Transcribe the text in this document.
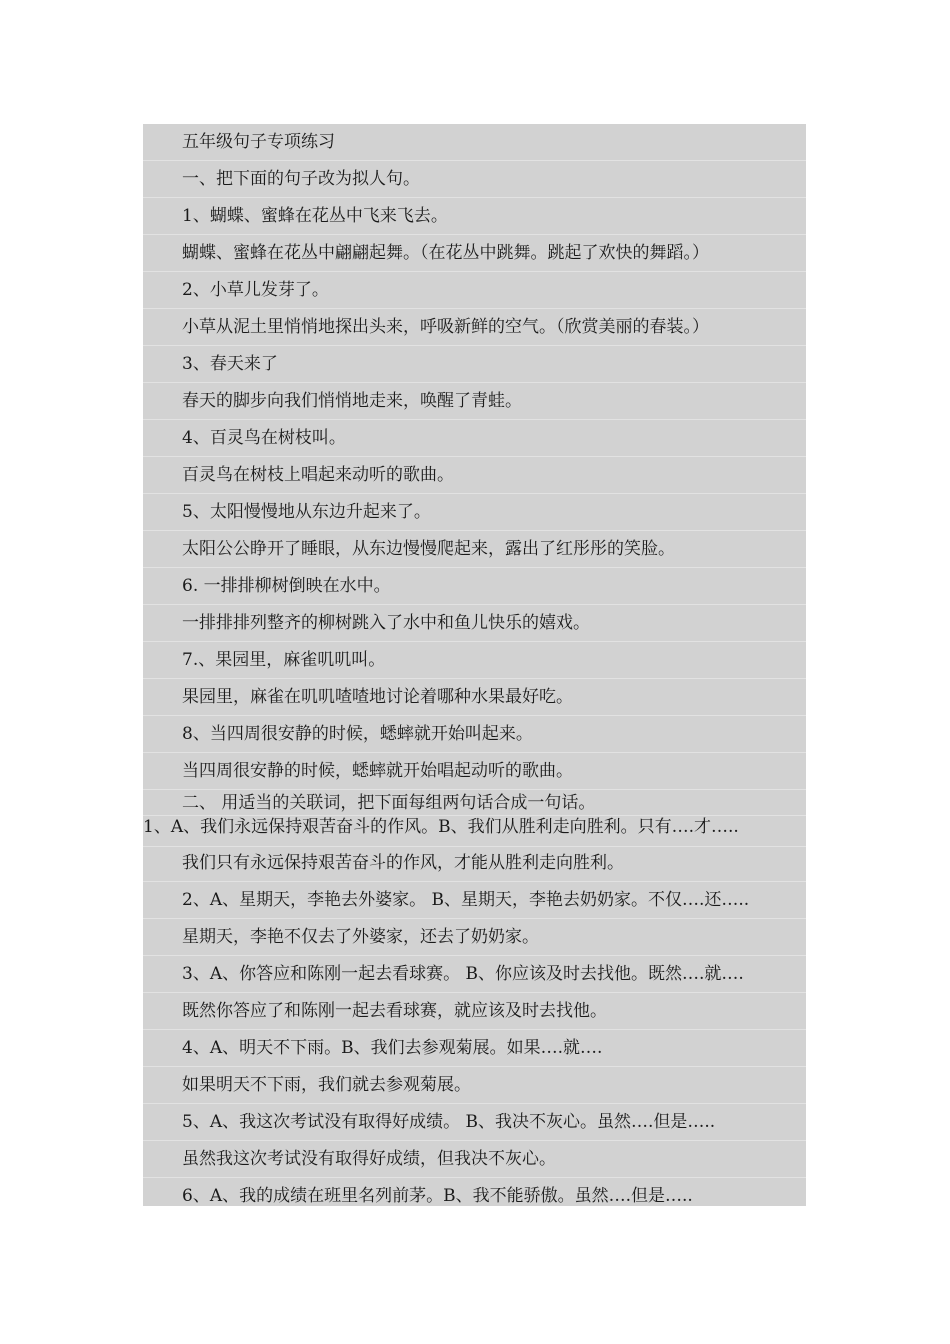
五年级句子专项练习
一、把下面的句子改为拟人句。
1、蝴蝶、蜜蜂在花丛中飞来飞去。
蝴蝶、蜜蜂在花丛中翩翩起舞。（在花丛中跳舞。跳起了欢快的舞蹈。）
2、小草儿发芽了。
小草从泥土里悄悄地探出头来，呼吸新鲜的空气。（欣赏美丽的春装。）
3、春天来了
春天的脚步向我们悄悄地走来，唤醒了青蛙。
4、百灵鸟在树枝叫。
百灵鸟在树枝上唱起来动听的歌曲。
5、太阳慢慢地从东边升起来了。
太阳公公睁开了睡眼，从东边慢慢爬起来，露出了红彤彤的笑脸。
6. 一排排柳树倒映在水中。
一排排排列整齐的柳树跳入了水中和鱼儿快乐的嬉戏。
7.、果园里，麻雀叽叽叫。
果园里，麻雀在叽叽喳喳地讨论着哪种水果最好吃。
8、当四周很安静的时候，蟋蟀就开始叫起来。
当四周很安静的时候，蟋蟀就开始唱起动听的歌曲。
二、 用适当的关联词，把下面每组两句话合成一句话。
1、A、我们永远保持艰苦奋斗的作风。B、我们从胜利走向胜利。只有….才…..
我们只有永远保持艰苦奋斗的作风，才能从胜利走向胜利。
2、A、星期天，李艳去外婆家。 B、星期天，李艳去奶奶家。不仅….还…..
星期天，李艳不仅去了外婆家，还去了奶奶家。
3、A、你答应和陈刚一起去看球赛。 B、你应该及时去找他。既然….就….
既然你答应了和陈刚一起去看球赛，就应该及时去找他。
4、A、明天不下雨。B、我们去参观菊展。如果….就….
如果明天不下雨，我们就去参观菊展。
5、A、我这次考试没有取得好成绩。 B、我决不灰心。虽然….但是…..
虽然我这次考试没有取得好成绩，但我决不灰心。
6、A、我的成绩在班里名列前茅。B、我不能骄傲。虽然….但是…..
